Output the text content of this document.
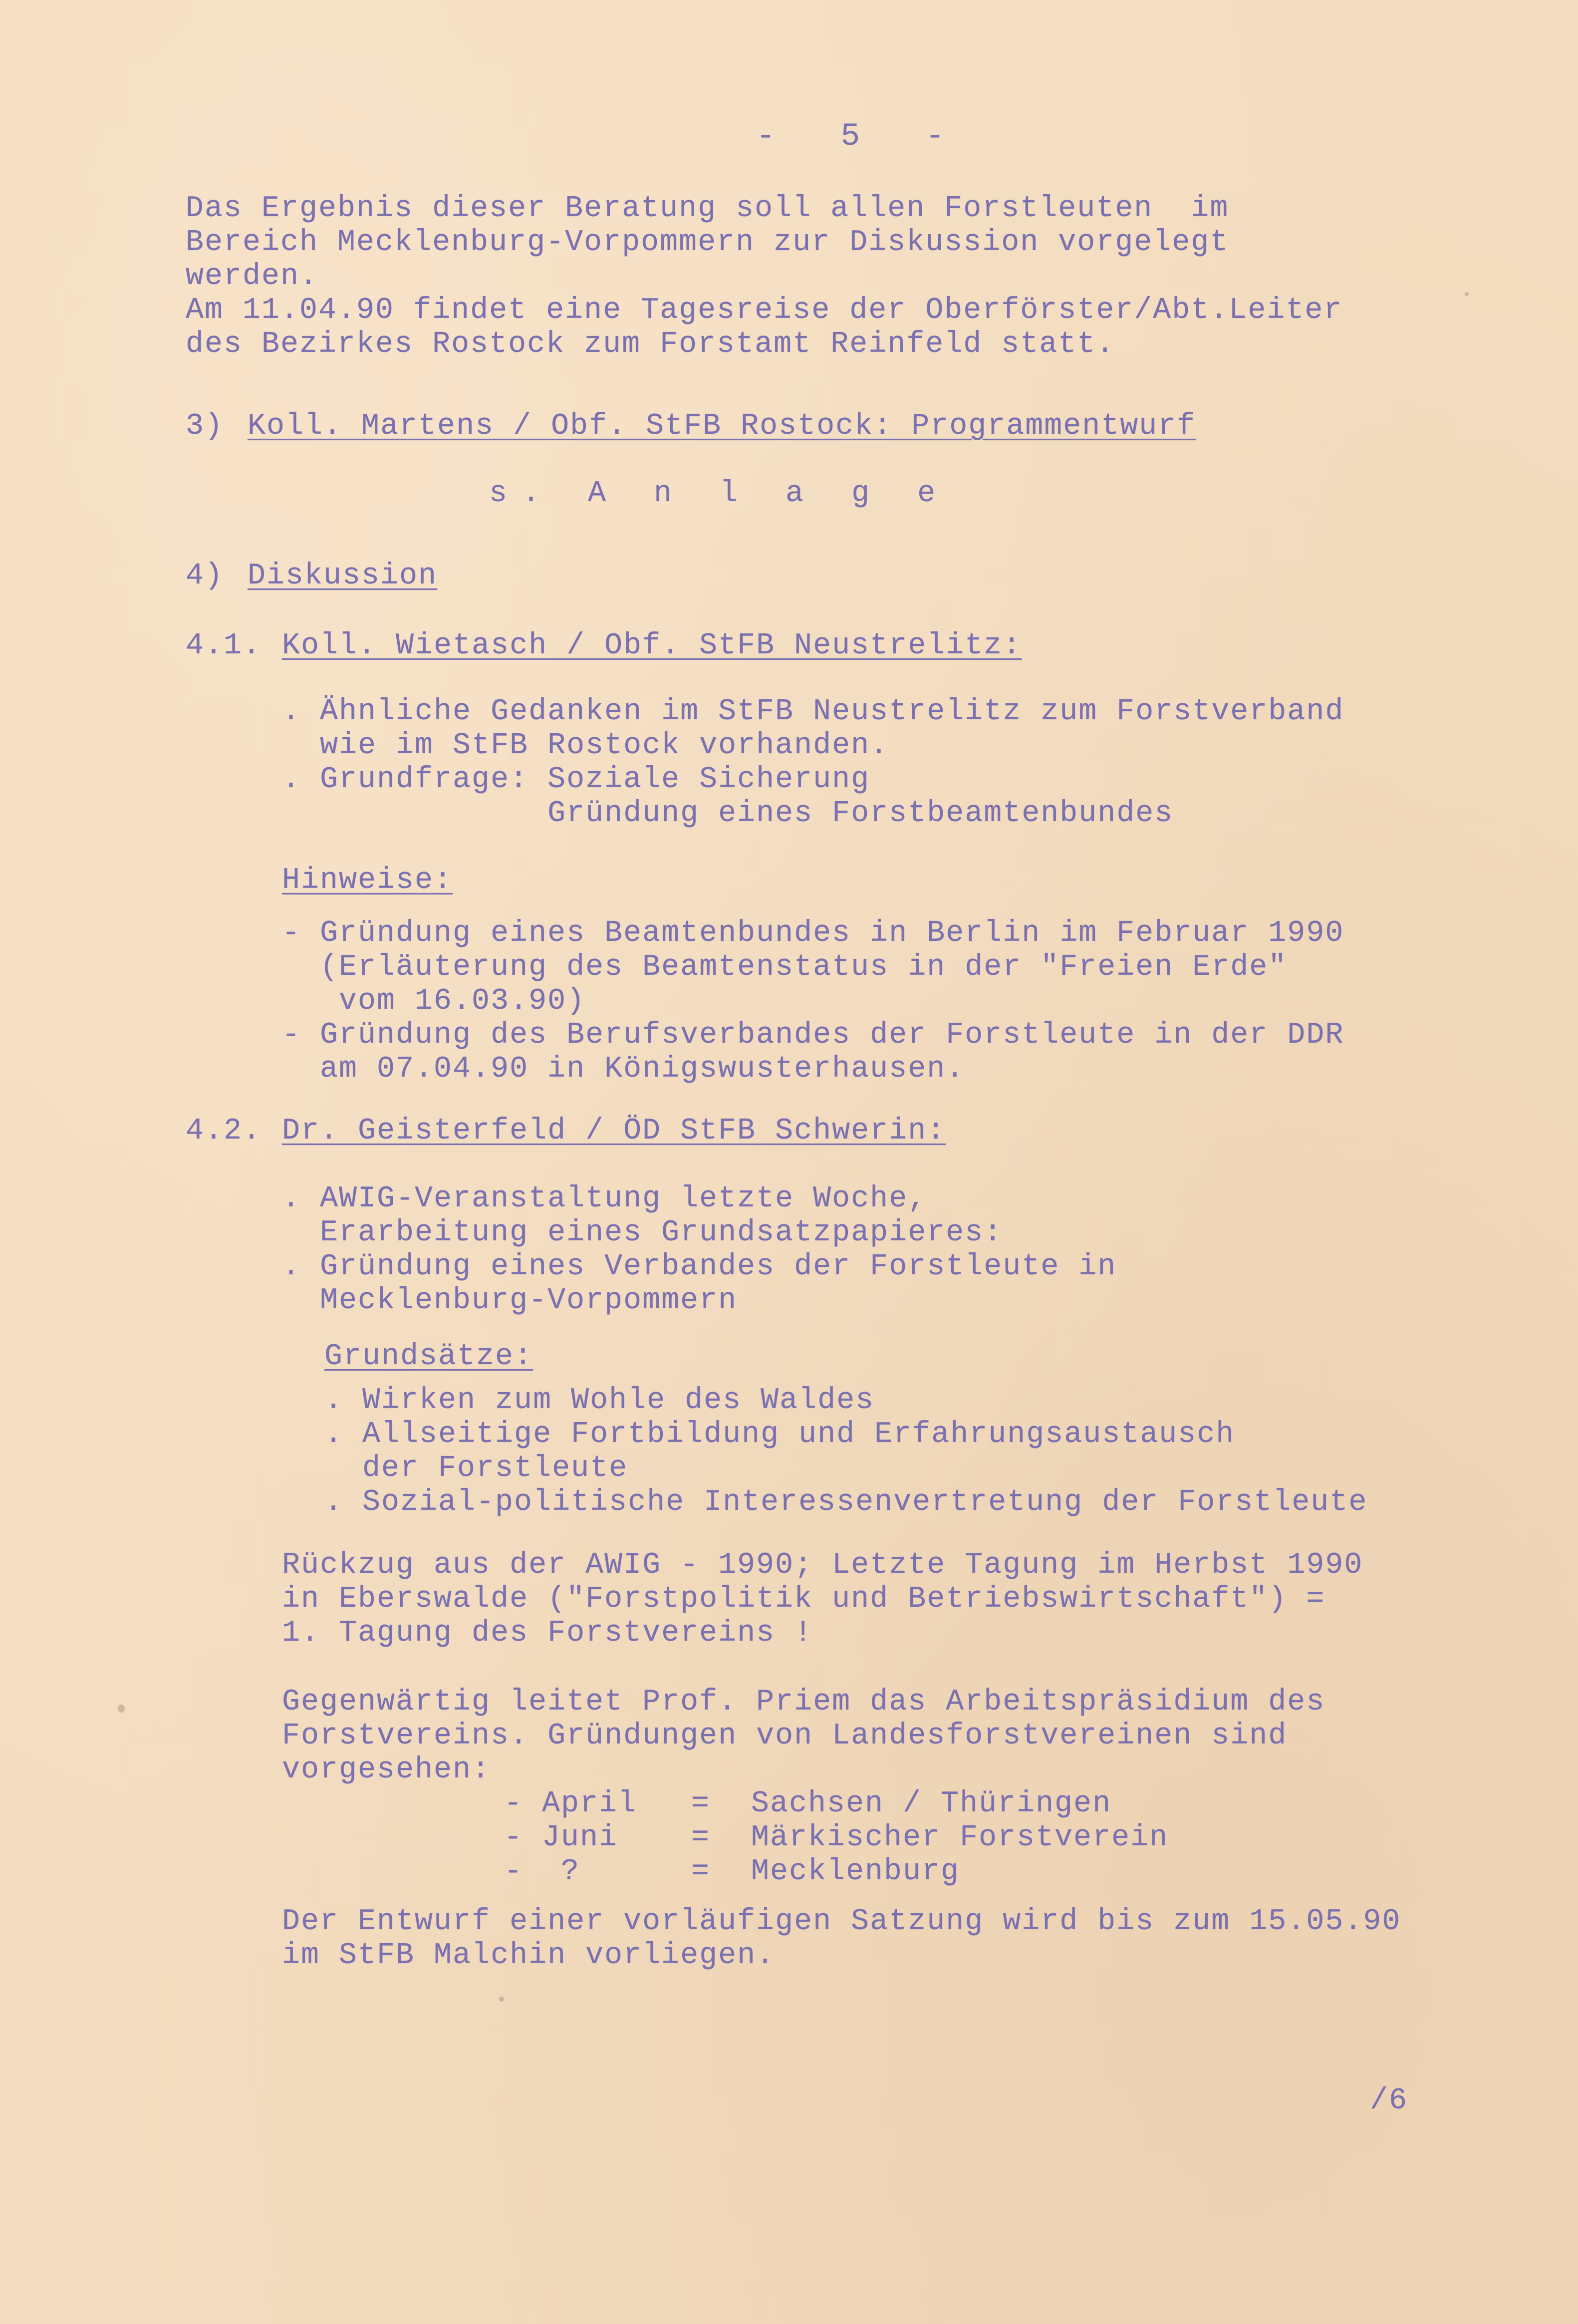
-   5   -
Das Ergebnis dieser Beratung soll allen Forstleuten  im
Bereich Mecklenburg-Vorpommern zur Diskussion vorgelegt
werden.
Am 11.04.90 findet eine Tagesreise der Oberförster/Abt.Leiter
des Bezirkes Rostock zum Forstamt Reinfeld statt.
3) Koll. Martens / Obf. StFB Rostock: Programmentwurf
s. A n l a g e
4) Diskussion
4.1. Koll. Wietasch / Obf. StFB Neustrelitz:
. Ähnliche Gedanken im StFB Neustrelitz zum Forstverband
wie im StFB Rostock vorhanden.
. Grundfrage: Soziale Sicherung
Gründung eines Forstbeamtenbundes
Hinweise:
- Gründung eines Beamtenbundes in Berlin im Februar 1990
(Erläuterung des Beamtenstatus in der "Freien Erde"
vom 16.03.90)
- Gründung des Berufsverbandes der Forstleute in der DDR
am 07.04.90 in Königswusterhausen.
4.2. Dr. Geisterfeld / ÖD StFB Schwerin:
. AWIG-Veranstaltung letzte Woche,
Erarbeitung eines Grundsatzpapieres:
. Gründung eines Verbandes der Forstleute in
Mecklenburg-Vorpommern
Grundsätze:
. Wirken zum Wohle des Waldes
. Allseitige Fortbildung und Erfahrungsaustausch
der Forstleute
. Sozial-politische Interessenvertretung der Forstleute
Rückzug aus der AWIG - 1990; Letzte Tagung im Herbst 1990
in Eberswalde ("Forstpolitik und Betriebswirtschaft") =
1. Tagung des Forstvereins !
Gegenwärtig leitet Prof. Priem das Arbeitspräsidium des
Forstvereins. Gründungen von Landesforstvereinen sind
vorgesehen:
- April = Sachsen / Thüringen
- Juni = Märkischer Forstverein
-  ?	= Mecklenburg
Der Entwurf einer vorläufigen Satzung wird bis zum 15.05.90
im StFB Malchin vorliegen.
/6
